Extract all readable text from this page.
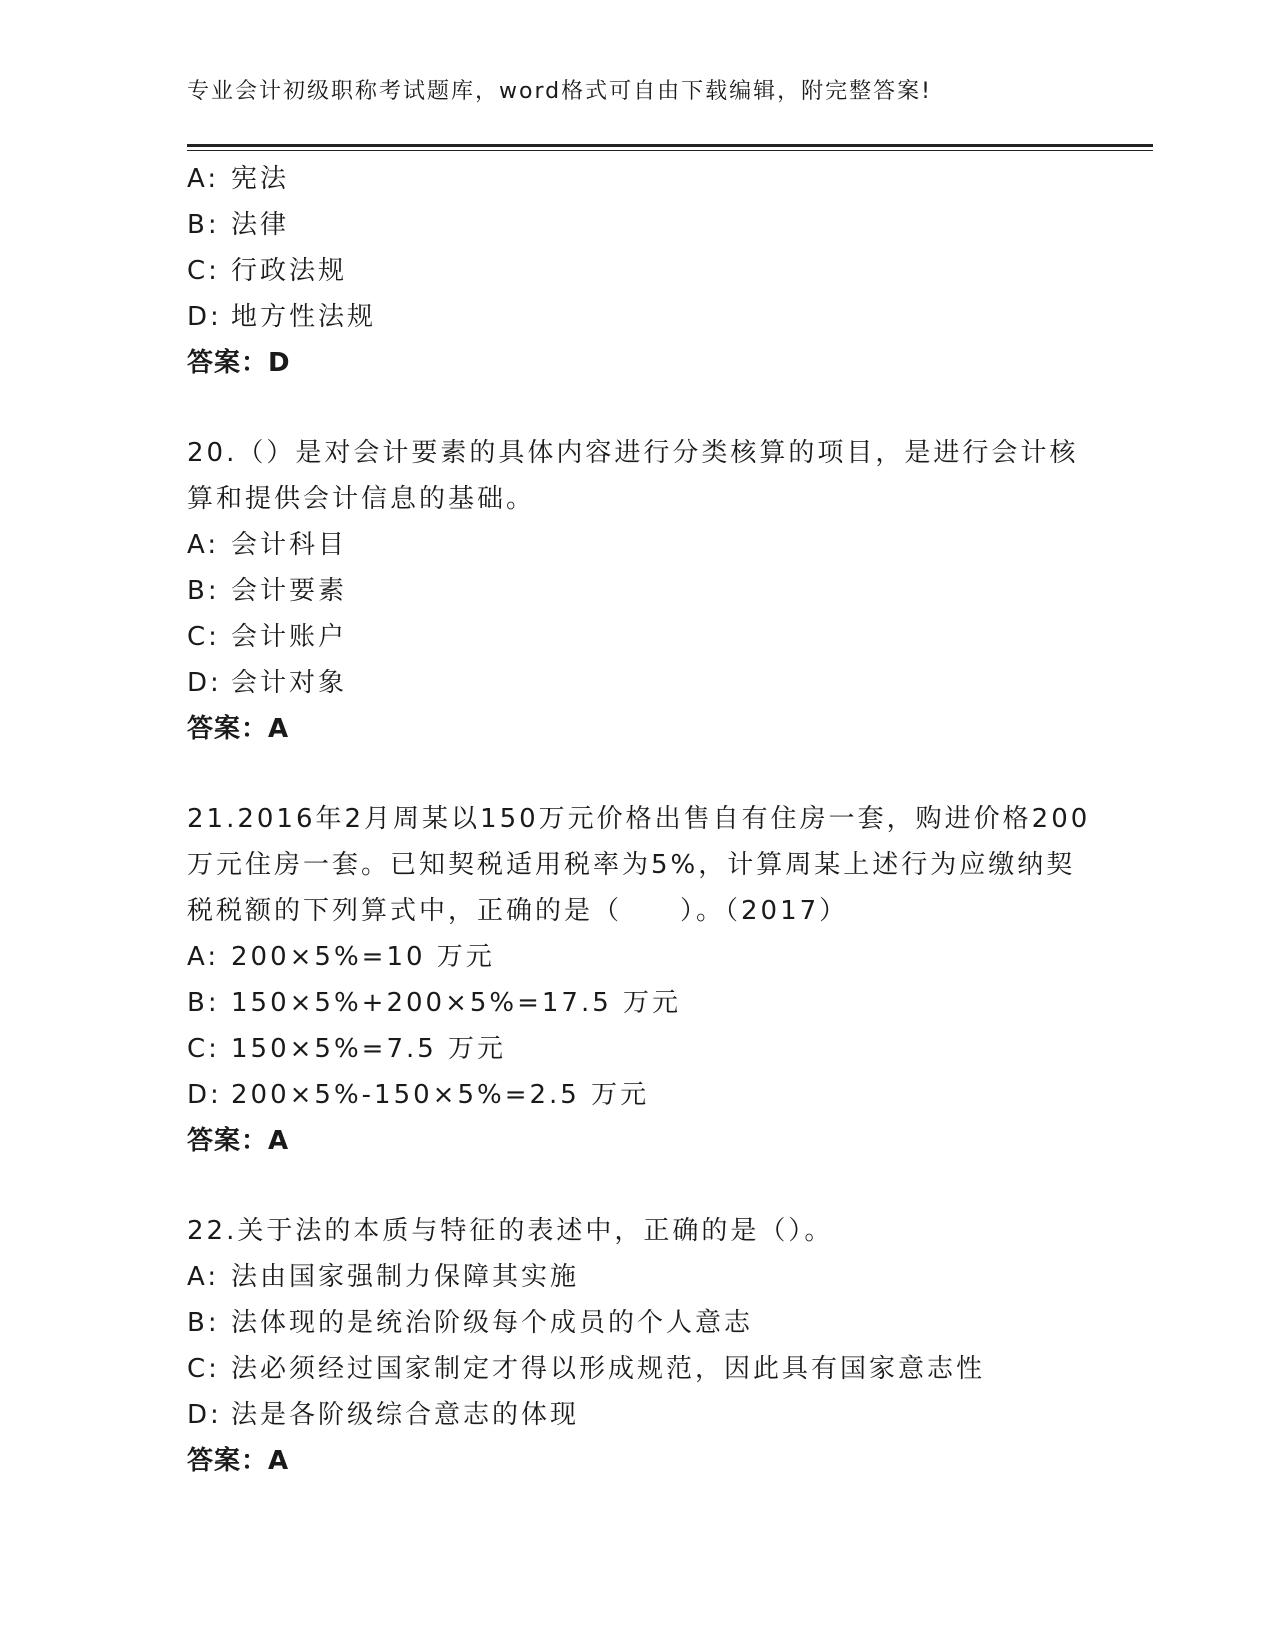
专业会计初级职称考试题库，word格式可自由下载编辑，附完整答案!
A: 宪法
B: 法律
C: 行政法规
D: 地方性法规
答案：D
20.（）是对会计要素的具体内容进行分类核算的项目，是进行会计核
算和提供会计信息的基础。
A: 会计科目
B: 会计要素
C: 会计账户
D: 会计对象
答案：A
21.2016年2月周某以150万元价格出售自有住房一套，购进价格200
万元住房一套。已知契税适用税率为5%，计算周某上述行为应缴纳契
税税额的下列算式中，正确的是（　　）。（2017）
A: 200×5%=10 万元
B: 150×5%+200×5%=17.5 万元
C: 150×5%=7.5 万元
D: 200×5%-150×5%=2.5 万元
答案：A
22.关于法的本质与特征的表述中，正确的是（）。
A: 法由国家强制力保障其实施
B: 法体现的是统治阶级每个成员的个人意志
C: 法必须经过国家制定才得以形成规范，因此具有国家意志性
D: 法是各阶级综合意志的体现
答案：A
